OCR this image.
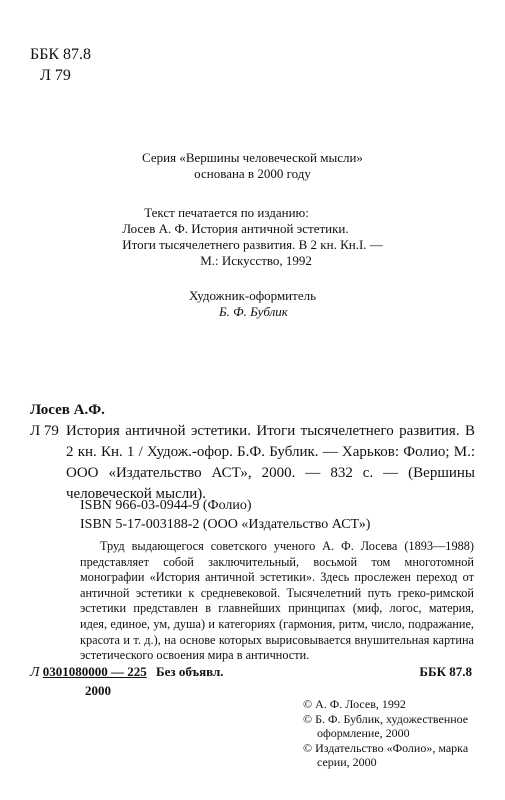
ББК 87.8
Л 79
Серия «Вершины человеческой мысли»
основана в 2000 году
Текст печатается по изданию:
Лосев А. Ф. История античной эстетики.
Итоги тысячелетнего развития. В 2 кн. Кн.I. —
М.: Искусство, 1992
Художник-оформитель
Б. Ф. Бублик
Лосев А.Ф.
Л 79 История античной эстетики. Итоги тысячелетнего развития. В 2 кн. Кн. 1 / Худож.-офор. Б.Ф. Бублик. — Харьков: Фолио; М.: ООО «Издательство АСТ», 2000. — 832 с. — (Вершины человеческой мысли).
ISBN 966-03-0944-9 (Фолио)
ISBN 5-17-003188-2 (ООО «Издательство АСТ»)
Труд выдающегося советского ученого А. Ф. Лосева (1893—1988) представляет собой заключительный, восьмой том многотомной монографии «История античной эстетики». Здесь прослежен переход от античной эстетики к средневековой. Тысячелетний путь греко-римской эстетики представлен в главнейших принципах (миф, логос, материя, идея, единое, ум, душа) и категориях (гармония, ритм, число, подражание, красота и т. д.), на основе которых вырисовывается внушительная картина эстетического освоения мира в античности.
Л 0301080000 — 225 Без объявл.
2000
ББК 87.8
© А. Ф. Лосев, 1992
© Б. Ф. Бублик, художественное
оформление, 2000
© Издательство «Фолио», марка
серии, 2000
